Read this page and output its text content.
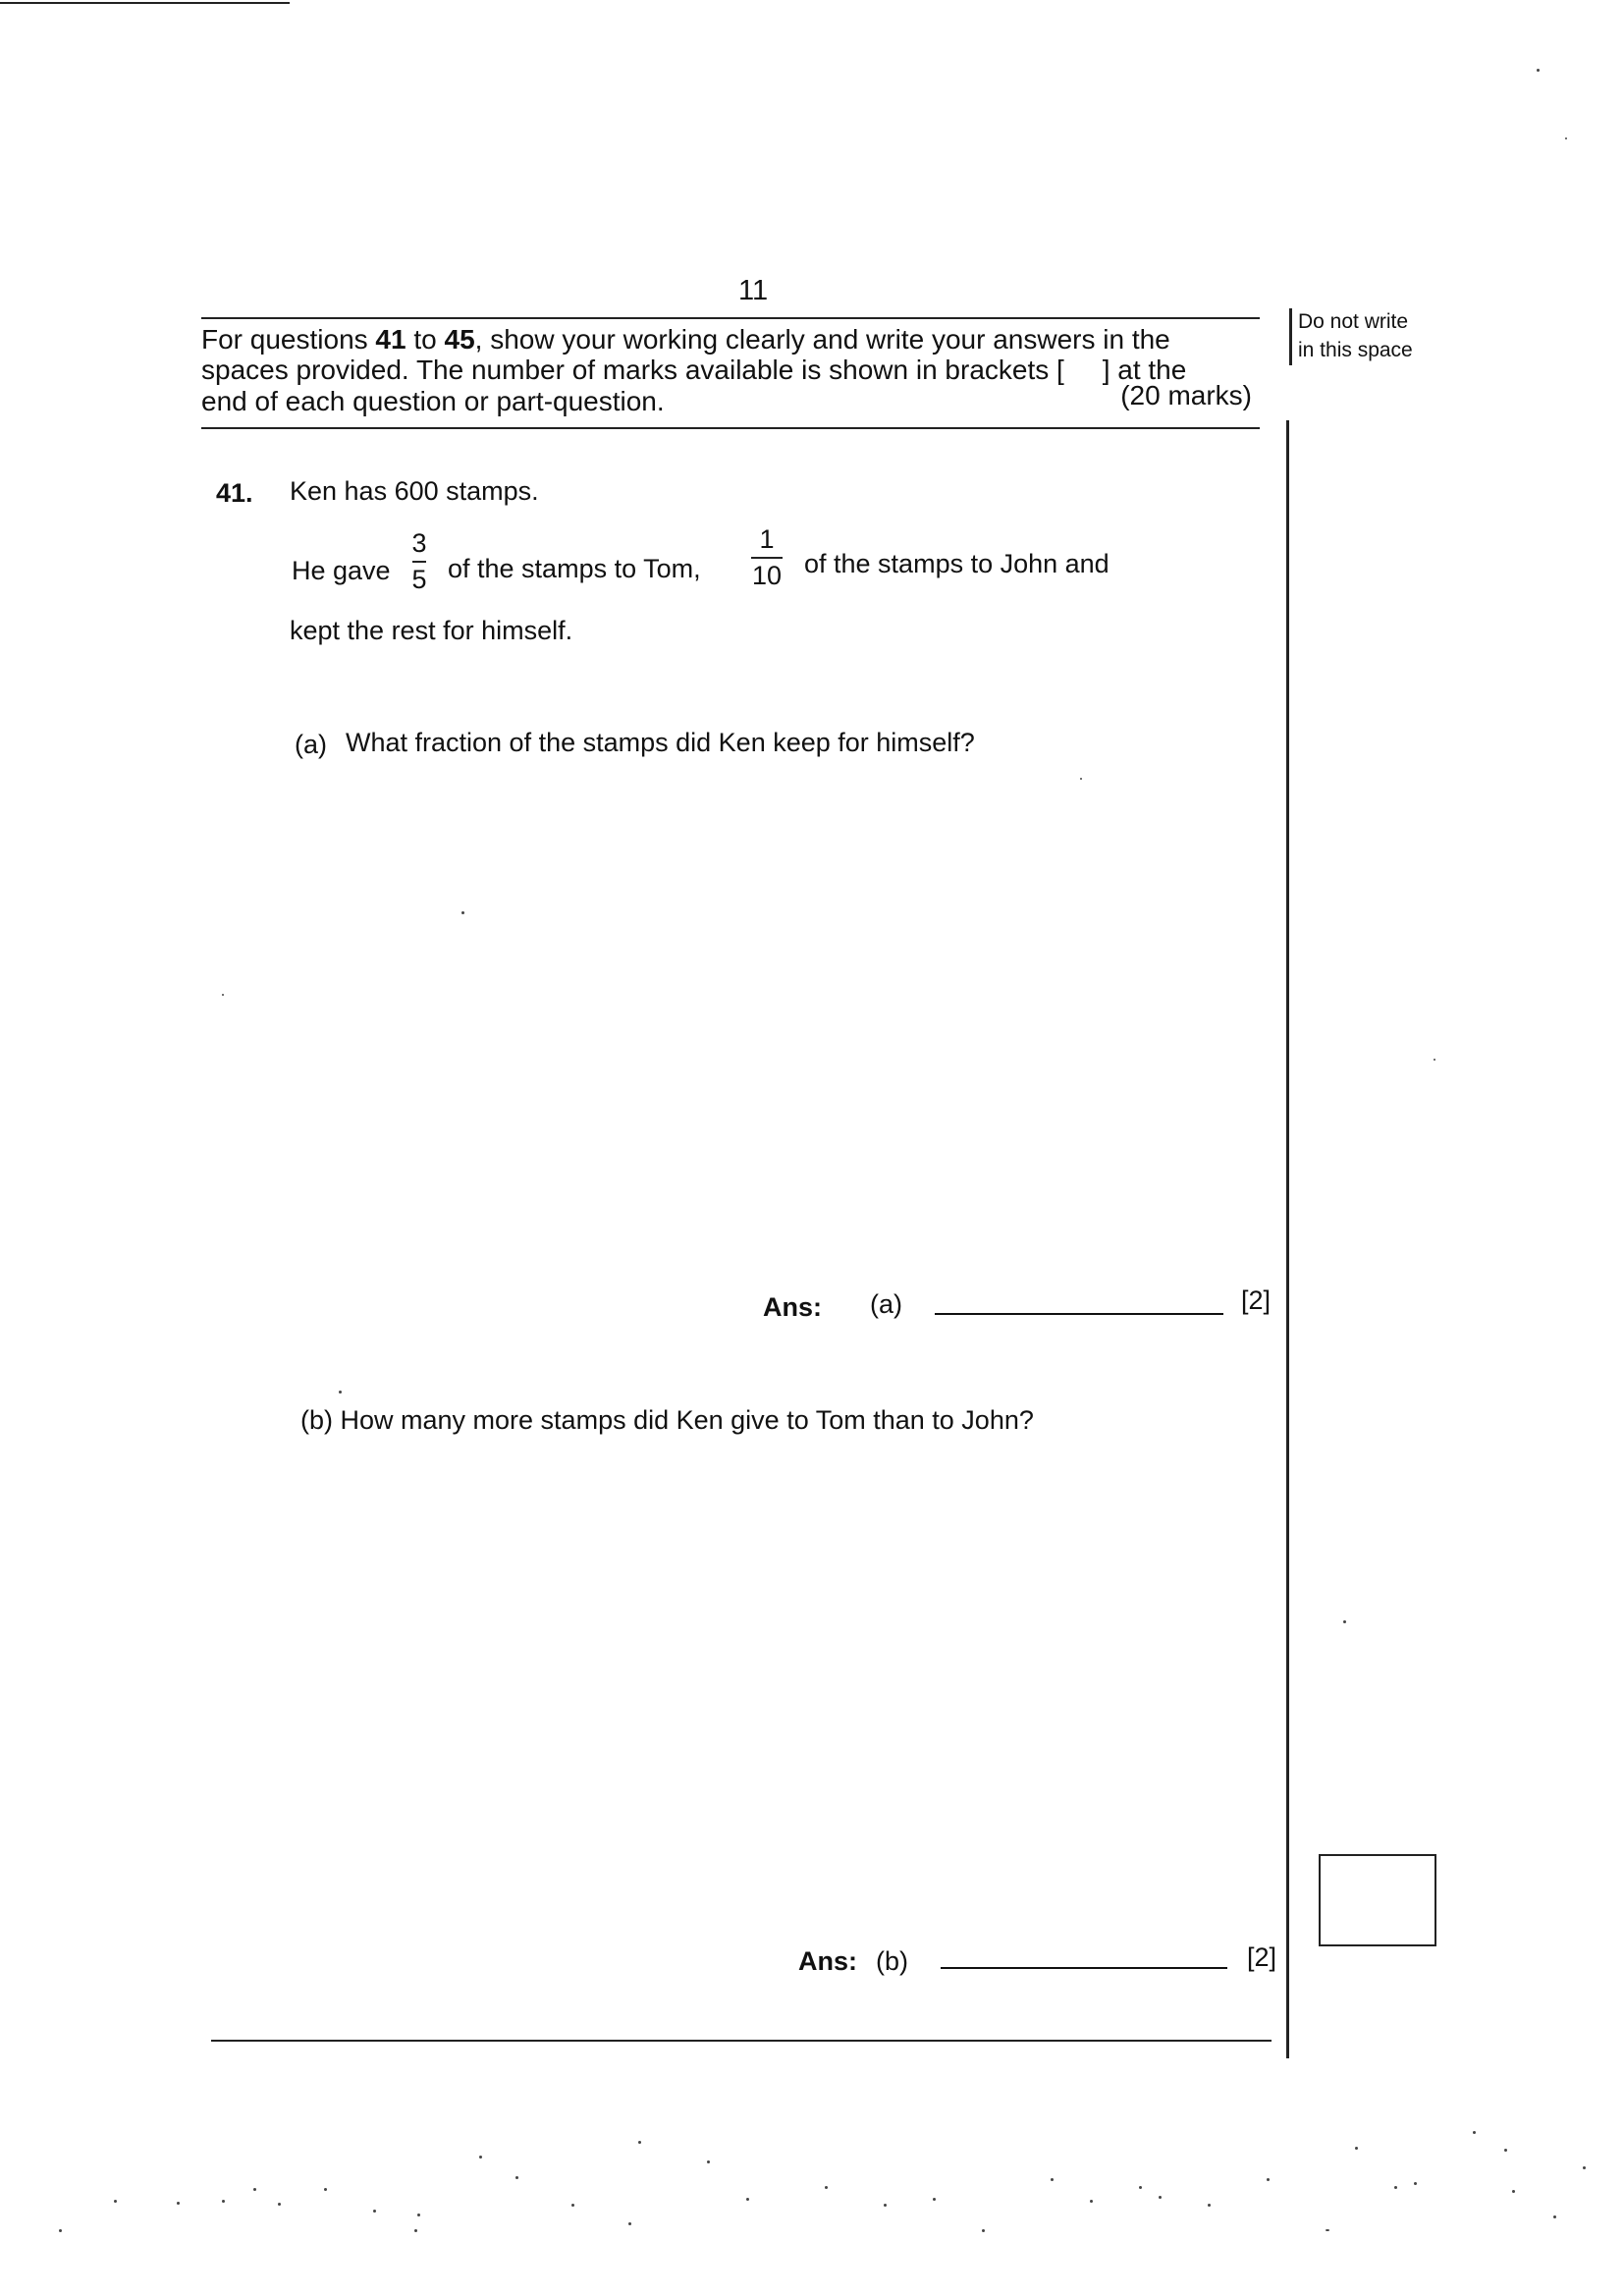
11
Do not write
in this space
For questions 41 to 45, show your working clearly and write your answers in the
spaces provided. The number of marks available is shown in brackets [     ] at the
end of each question or part-question.	(20 marks)
41. Ken has 600 stamps.
He gave
3
5 of the stamps to Tom,
1
10 of the stamps to John and
kept the rest for himself.
(a) What fraction of the stamps did Ken keep for himself?
Ans: (a)	[2]
(b) How many more stamps did Ken give to Tom than to John?
Ans: (b)	[2]
